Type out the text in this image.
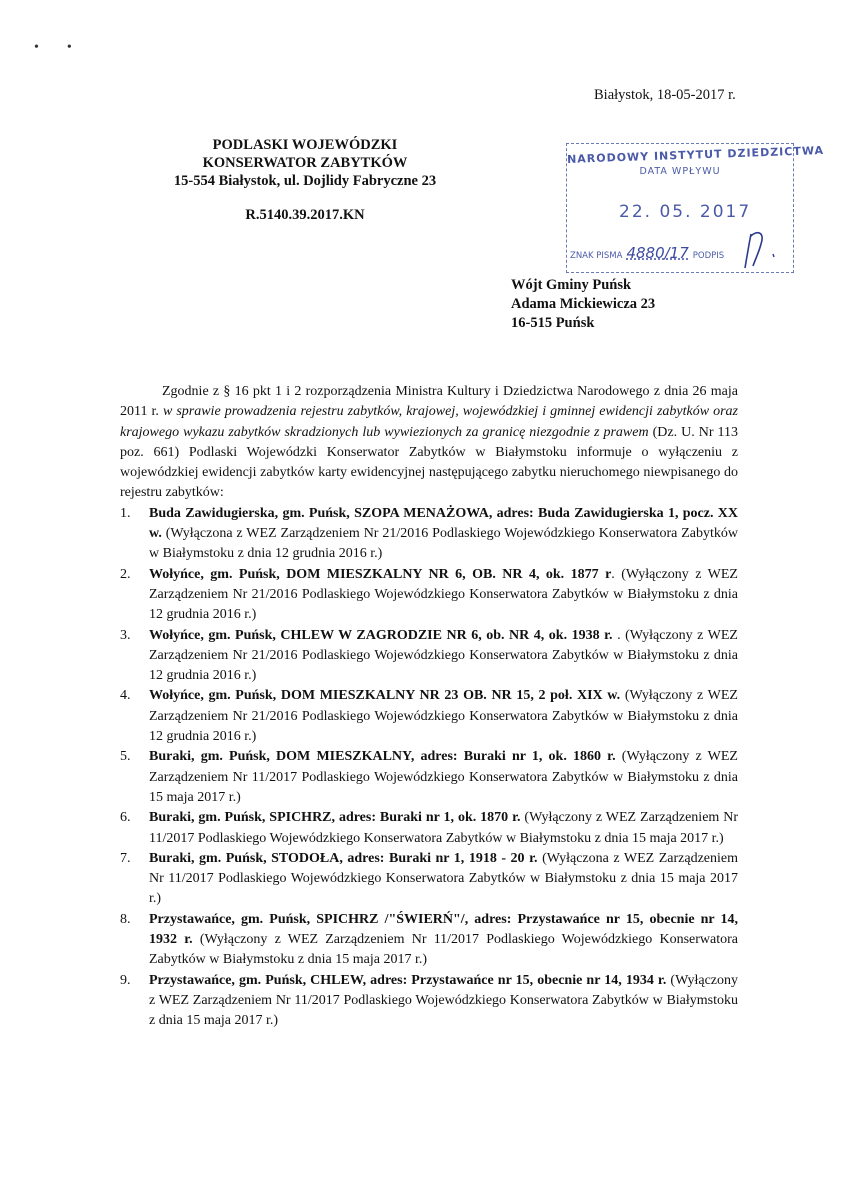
••
Białystok, 18-05-2017 r.
PODLASKI WOJEWÓDZKI
KONSERWATOR ZABYTKÓW
15-554 Białystok, ul. Dojlidy Fabryczne 23
R.5140.39.2017.KN
NARODOWY INSTYTUT DZIEDZICTWA
DATA WPŁYWU
22. 05. 2017
ZNAK PISMA 4880/17 PODPIS
Wójt Gminy Puńsk
Adama Mickiewicza 23
16-515 Puńsk

Zgodnie z § 16 pkt 1 i 2 rozporządzenia Ministra Kultury i Dziedzictwa Narodowego z dnia 26 maja 2011 r. w sprawie prowadzenia rejestru zabytków, krajowej, wojewódzkiej i gminnej ewidencji zabytków oraz krajowego wykazu zabytków skradzionych lub wywiezionych za granicę niezgodnie z prawem (Dz. U. Nr 113 poz. 661) Podlaski Wojewódzki Konserwator Zabytków w Białymstoku informuje o wyłączeniu z wojewódzkiej ewidencji zabytków karty ewidencyjnej następującego zabytku nieruchomego niewpisanego do rejestru zabytków:

1. Buda Zawidugierska, gm. Puńsk, SZOPA MENAŻOWA, adres: Buda Zawidugierska 1, pocz. XX w. (Wyłączona z WEZ Zarządzeniem Nr 21/2016 Podlaskiego Wojewódzkiego Konserwatora Zabytków w Białymstoku z dnia 12 grudnia 2016 r.)
2. Wołyńce, gm. Puńsk, DOM MIESZKALNY NR 6, OB. NR 4, ok. 1877 r. (Wyłączony z WEZ Zarządzeniem Nr 21/2016 Podlaskiego Wojewódzkiego Konserwatora Zabytków w Białymstoku z dnia 12 grudnia 2016 r.)
3. Wołyńce, gm. Puńsk, CHLEW W ZAGRODZIE NR 6, ob. NR 4, ok. 1938 r. . (Wyłączony z WEZ Zarządzeniem Nr 21/2016 Podlaskiego Wojewódzkiego Konserwatora Zabytków w Białymstoku z dnia 12 grudnia 2016 r.)
4. Wołyńce, gm. Puńsk, DOM MIESZKALNY NR 23 OB. NR 15, 2 poł. XIX w. (Wyłączony z WEZ Zarządzeniem Nr 21/2016 Podlaskiego Wojewódzkiego Konserwatora Zabytków w Białymstoku z dnia 12 grudnia 2016 r.)
5. Buraki, gm. Puńsk, DOM MIESZKALNY, adres: Buraki nr 1, ok. 1860 r. (Wyłączony z WEZ Zarządzeniem Nr 11/2017 Podlaskiego Wojewódzkiego Konserwatora Zabytków w Białymstoku z dnia 15 maja 2017 r.)
6. Buraki, gm. Puńsk, SPICHRZ, adres: Buraki nr 1, ok. 1870 r. (Wyłączony z WEZ Zarządzeniem Nr 11/2017 Podlaskiego Wojewódzkiego Konserwatora Zabytków w Białymstoku z dnia 15 maja 2017 r.)
7. Buraki, gm. Puńsk, STODOŁA, adres: Buraki nr 1, 1918 - 20 r. (Wyłączona z WEZ Zarządzeniem Nr 11/2017 Podlaskiego Wojewódzkiego Konserwatora Zabytków w Białymstoku z dnia 15 maja 2017 r.)
8. Przystawańce, gm. Puńsk, SPICHRZ /"ŚWIERŃ"/, adres: Przystawańce nr 15, obecnie nr 14, 1932 r. (Wyłączony z WEZ Zarządzeniem Nr 11/2017 Podlaskiego Wojewódzkiego Konserwatora Zabytków w Białymstoku z dnia 15 maja 2017 r.)
9. Przystawańce, gm. Puńsk, CHLEW, adres: Przystawańce nr 15, obecnie nr 14, 1934 r. (Wyłączony z WEZ Zarządzeniem Nr 11/2017 Podlaskiego Wojewódzkiego Konserwatora Zabytków w Białymstoku z dnia 15 maja 2017 r.)
